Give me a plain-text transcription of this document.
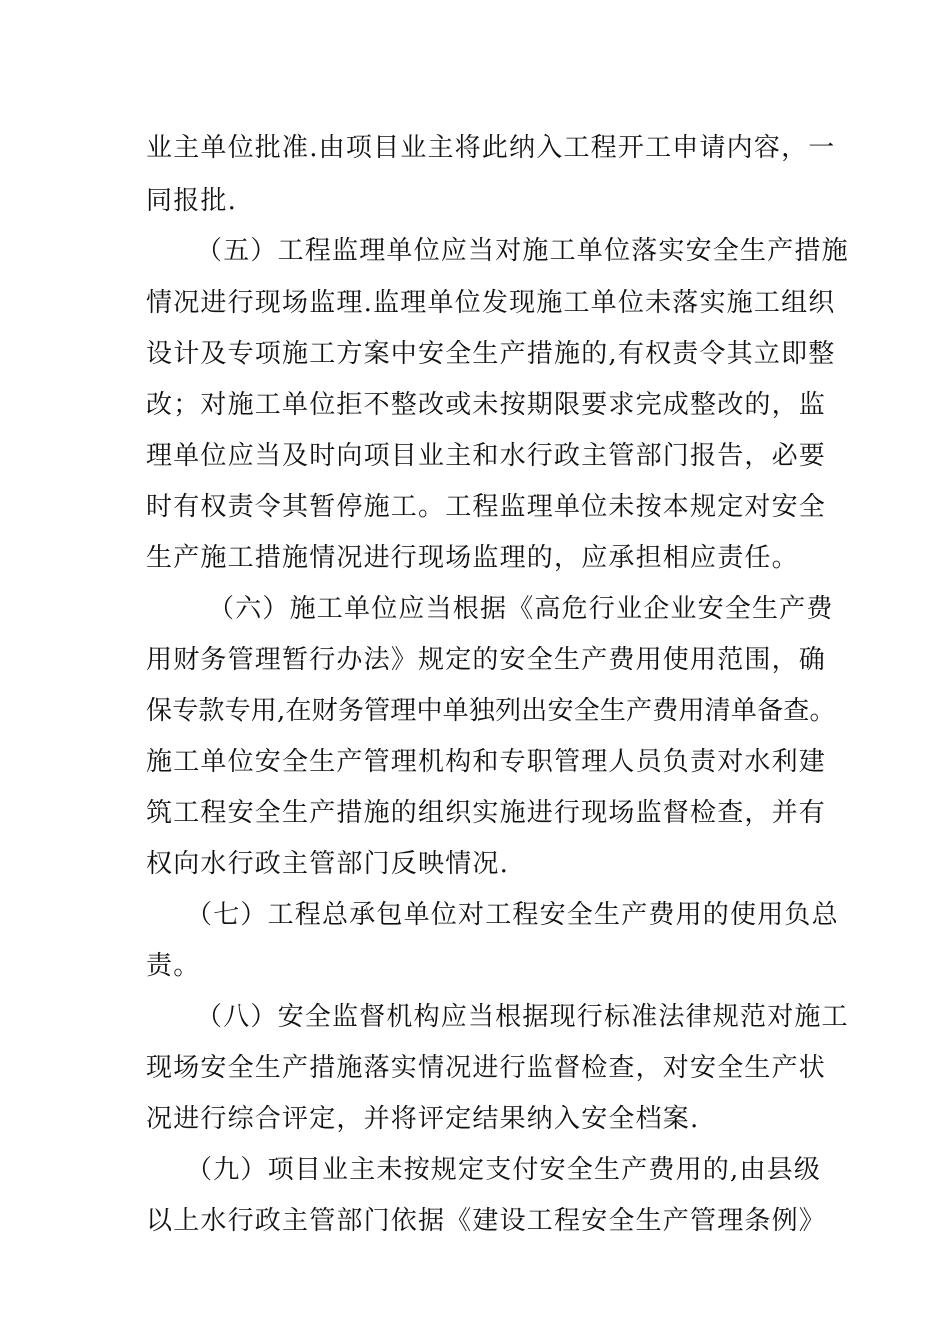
业主单位批准.由项目业主将此纳入工程开工申请内容，一
同报批.
（五）工程监理单位应当对施工单位落实安全生产措施
情况进行现场监理.监理单位发现施工单位未落实施工组织
设计及专项施工方案中安全生产措施的,有权责令其立即整
改；对施工单位拒不整改或未按期限要求完成整改的，监
理单位应当及时向项目业主和水行政主管部门报告，必要
时有权责令其暂停施工。工程监理单位未按本规定对安全
生产施工措施情况进行现场监理的，应承担相应责任。
（六）施工单位应当根据《高危行业企业安全生产费
用财务管理暂行办法》规定的安全生产费用使用范围，确
保专款专用,在财务管理中单独列出安全生产费用清单备查。
施工单位安全生产管理机构和专职管理人员负责对水利建
筑工程安全生产措施的组织实施进行现场监督检查，并有
权向水行政主管部门反映情况.
（七）工程总承包单位对工程安全生产费用的使用负总
责。
（八）安全监督机构应当根据现行标准法律规范对施工
现场安全生产措施落实情况进行监督检查，对安全生产状
况进行综合评定，并将评定结果纳入安全档案.
（九）项目业主未按规定支付安全生产费用的,由县级
以上水行政主管部门依据《建设工程安全生产管理条例》
